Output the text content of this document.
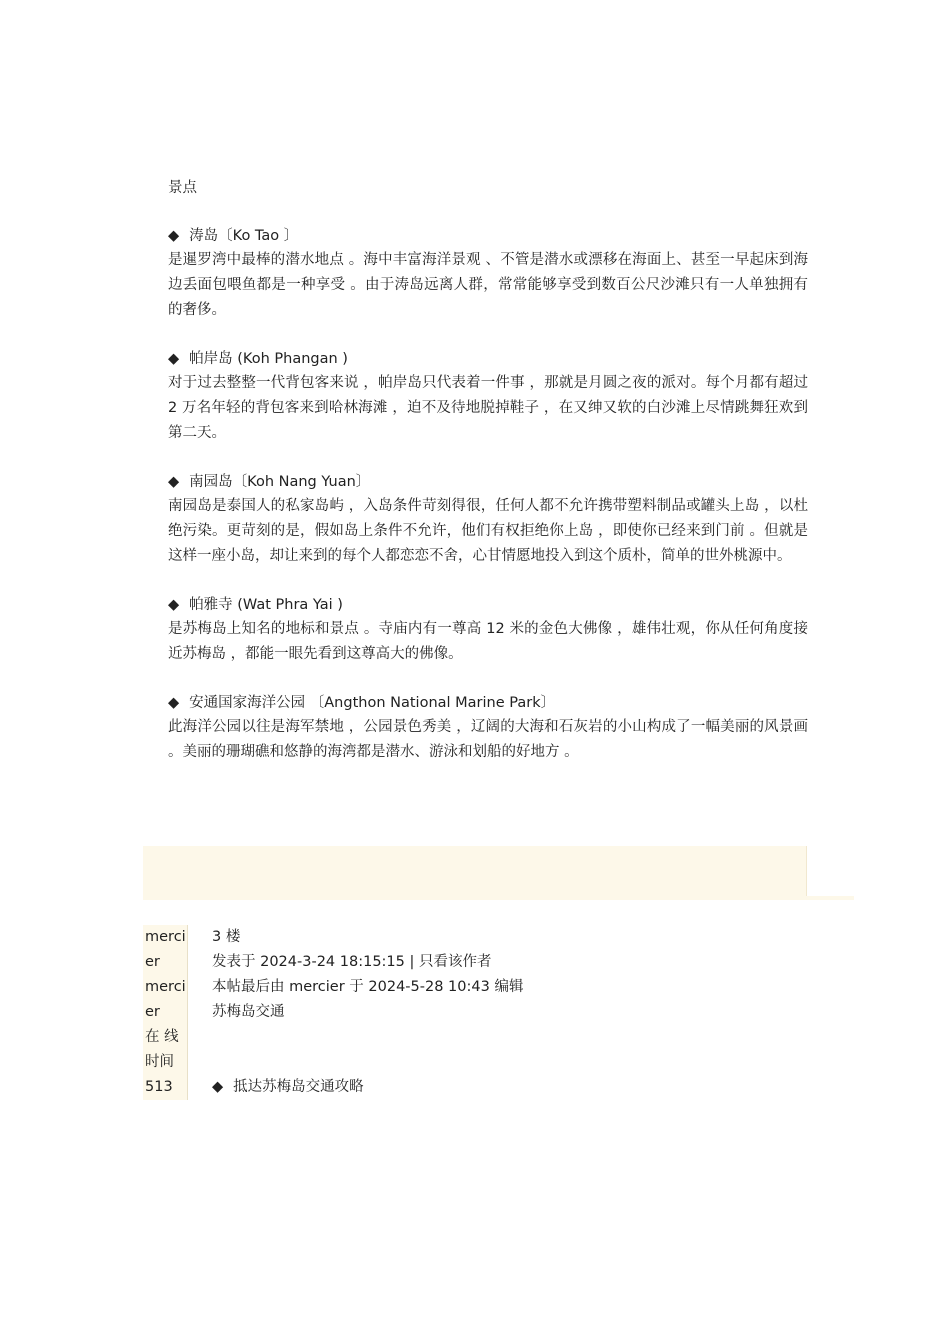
景点

◆ 涛岛〔Ko Tao 〕

是暹罗湾中最棒的潜水地点 。海中丰富海洋景观 、不管是潜水或漂移在海面上、甚至一早起床到海边丢面包喂鱼都是一种享受 。由于涛岛远离人群，常常能够享受到数百公尺沙滩只有一人单独拥有的奢侈。

◆ 帕岸岛 (Koh Phangan )

对于过去整整一代背包客来说 ，帕岸岛只代表着一件事 ，那就是月圆之夜的派对。每个月都有超过 2 万名年轻的背包客来到哈林海滩 ，迫不及待地脱掉鞋子 ，在又绅又软的白沙滩上尽情跳舞狂欢到第二天。

◆ 南园岛〔Koh Nang Yuan〕

南园岛是泰国人的私家岛屿 ，入岛条件苛刻得很，任何人都不允许携带塑料制品或罐头上岛 ，以杜绝污染。更苛刻的是，假如岛上条件不允许，他们有权拒绝你上岛 ，即使你已经来到门前 。但就是这样一座小岛，却让来到的每个人都恋恋不舍，心甘情愿地投入到这个质朴，简单的世外桃源中。

◆ 帕雅寺 (Wat Phra Yai )

是苏梅岛上知名的地标和景点 。寺庙内有一尊高 12 米的金色大佛像 ，雄伟壮观，你从任何角度接近苏梅岛 ，都能一眼先看到这尊高大的佛像。

◆ 安通国家海洋公园 〔Angthon National Marine Park〕

此海洋公园以往是海军禁地 ，公园景色秀美 ，辽阔的大海和石灰岩的小山构成了一幅美丽的风景画 。美丽的珊瑚礁和悠静的海湾都是潜水、游泳和划船的好地方 。

merci
er
merci
er
在 线
时间
513
3 楼
发表于 2024-3-24 18:15:15 | 只看该作者
本帖最后由 mercier 于 2024-5-28 10:43 编辑
苏梅岛交通
◆ 抵达苏梅岛交通攻略
